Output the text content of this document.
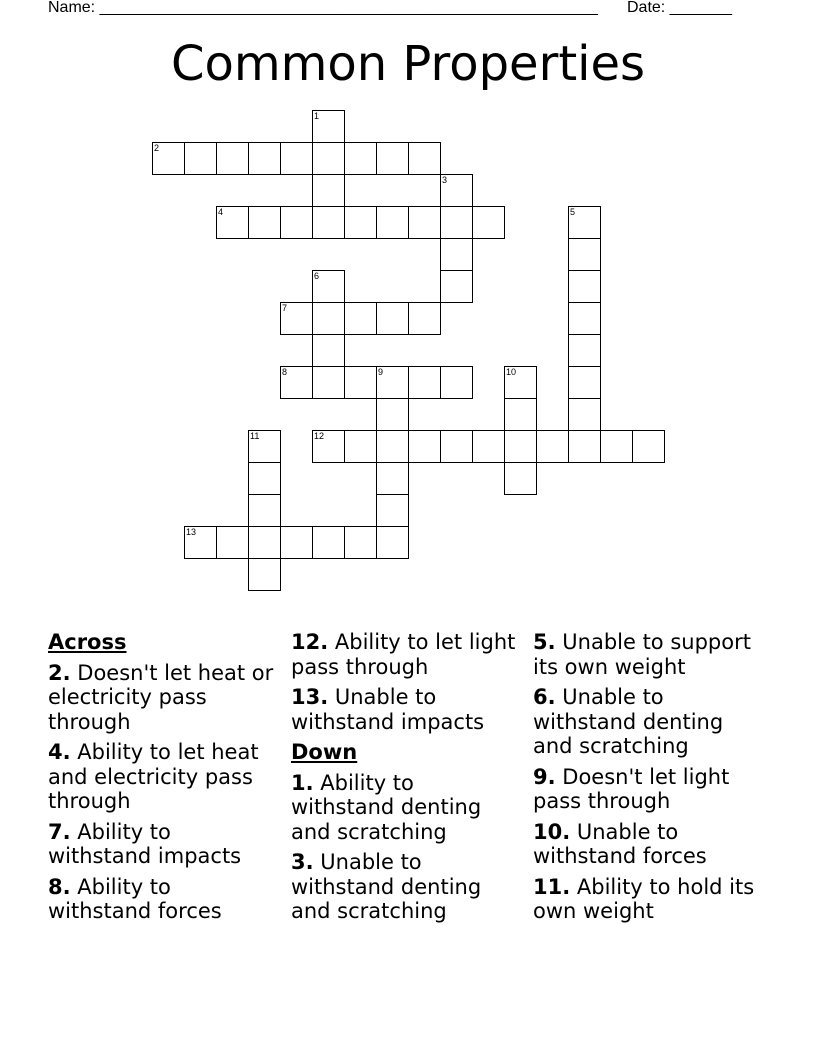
Name: ________________________________________________________ Date: _______
Common Properties
1
2
3
4	5
6
7
8	9	10
11	12
13
Across
2. Doesn't let heat or electricity pass through
4. Ability to let heat and electricity pass through
7. Ability to withstand impacts
8. Ability to withstand forces
12. Ability to let light pass through
13. Unable to withstand impacts
Down
1. Ability to withstand denting and scratching
3. Unable to withstand denting and scratching
5. Unable to support its own weight
6. Unable to withstand denting and scratching
9. Doesn't let light pass through
10. Unable to withstand forces
11. Ability to hold its own weight
